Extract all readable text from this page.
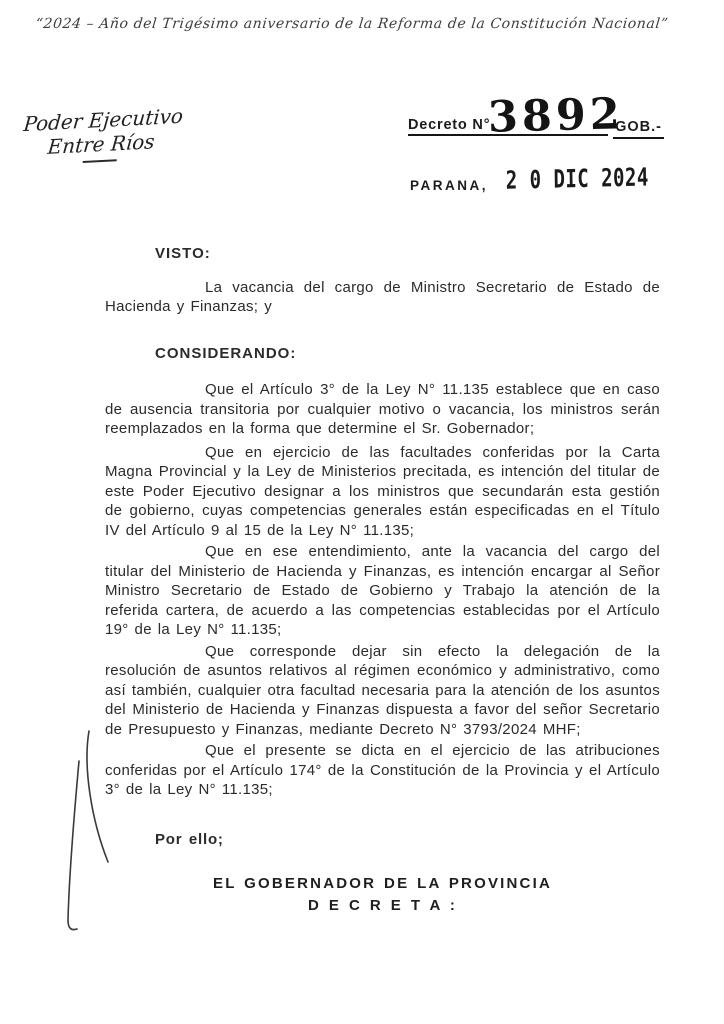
“2024 – Año del Trigésimo aniversario de la Reforma de la Constitución Nacional”
Poder Ejecutivo
Entre Ríos
Decreto N°
3892
GOB.-
PARANA, 2 0 DIC 2024

VISTO:

La vacancia del cargo de Ministro Secretario de Estado de Hacienda y Finanzas; y

CONSIDERANDO:

Que el Artículo 3° de la Ley N° 11.135 establece que en caso de ausencia transitoria por cualquier motivo o vacancia, los ministros serán reemplazados en la forma que determine el Sr. Gobernador;

Que en ejercicio de las facultades conferidas por la Carta Magna Provincial y la Ley de Ministerios precitada, es intención del titular de este Poder Ejecutivo designar a los ministros que secundarán esta gestión de gobierno, cuyas competencias generales están especificadas en el Título IV del Artículo 9 al 15 de la Ley N° 11.135;

Que en ese entendimiento, ante la vacancia del cargo del titular del Ministerio de Hacienda y Finanzas, es intención encargar al Señor Ministro Secretario de Estado de Gobierno y Trabajo la atención de la referida cartera, de acuerdo a las competencias establecidas por el Artículo 19° de la Ley N° 11.135;

Que corresponde dejar sin efecto la delegación de la resolución de asuntos relativos al régimen económico y administrativo, como así también, cualquier otra facultad necesaria para la atención de los asuntos del Ministerio de Hacienda y Finanzas dispuesta a favor del señor Secretario de Presupuesto y Finanzas, mediante Decreto N° 3793/2024 MHF;

Que el presente se dicta en el ejercicio de las atribuciones conferidas por el Artículo 174° de la Constitución de la Provincia y el Artículo 3° de la Ley N° 11.135;

Por ello;

EL GOBERNADOR DE LA PROVINCIA
D E C R E T A :
